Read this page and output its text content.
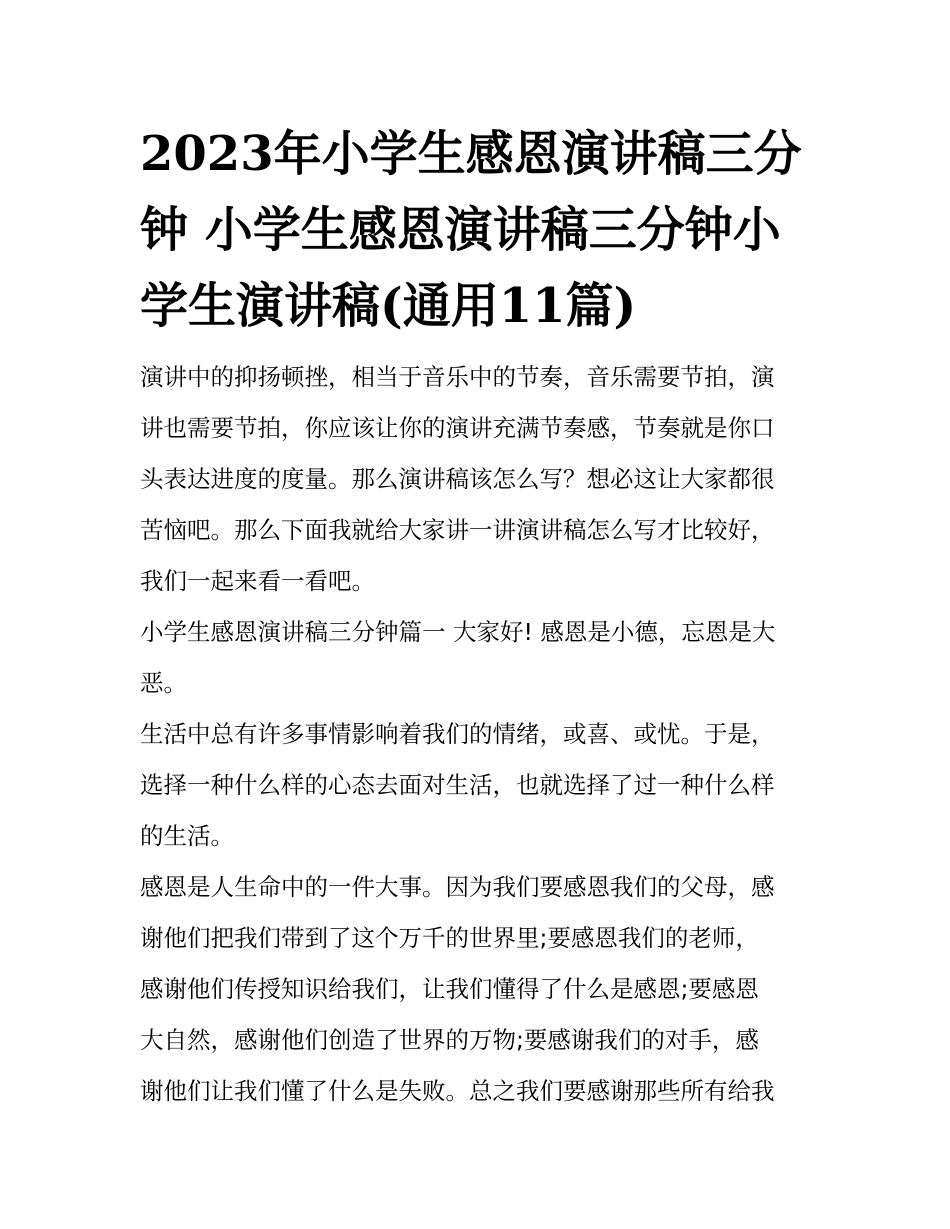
2023年小学生感恩演讲稿三分
钟 小学生感恩演讲稿三分钟小
学生演讲稿(通用11篇)
演讲中的抑扬顿挫，相当于音乐中的节奏，音乐需要节拍，演
讲也需要节拍，你应该让你的演讲充满节奏感，节奏就是你口
头表达进度的度量。那么演讲稿该怎么写？想必这让大家都很
苦恼吧。那么下面我就给大家讲一讲演讲稿怎么写才比较好，
我们一起来看一看吧。
小学生感恩演讲稿三分钟篇一 大家好! 感恩是小德，忘恩是大
恶。
生活中总有许多事情影响着我们的情绪，或喜、或忧。于是，
选择一种什么样的心态去面对生活，也就选择了过一种什么样
的生活。
感恩是人生命中的一件大事。因为我们要感恩我们的父母，感
谢他们把我们带到了这个万千的世界里;要感恩我们的老师，
感谢他们传授知识给我们，让我们懂得了什么是感恩;要感恩
大自然，感谢他们创造了世界的万物;要感谢我们的对手，感
谢他们让我们懂了什么是失败。总之我们要感谢那些所有给我
